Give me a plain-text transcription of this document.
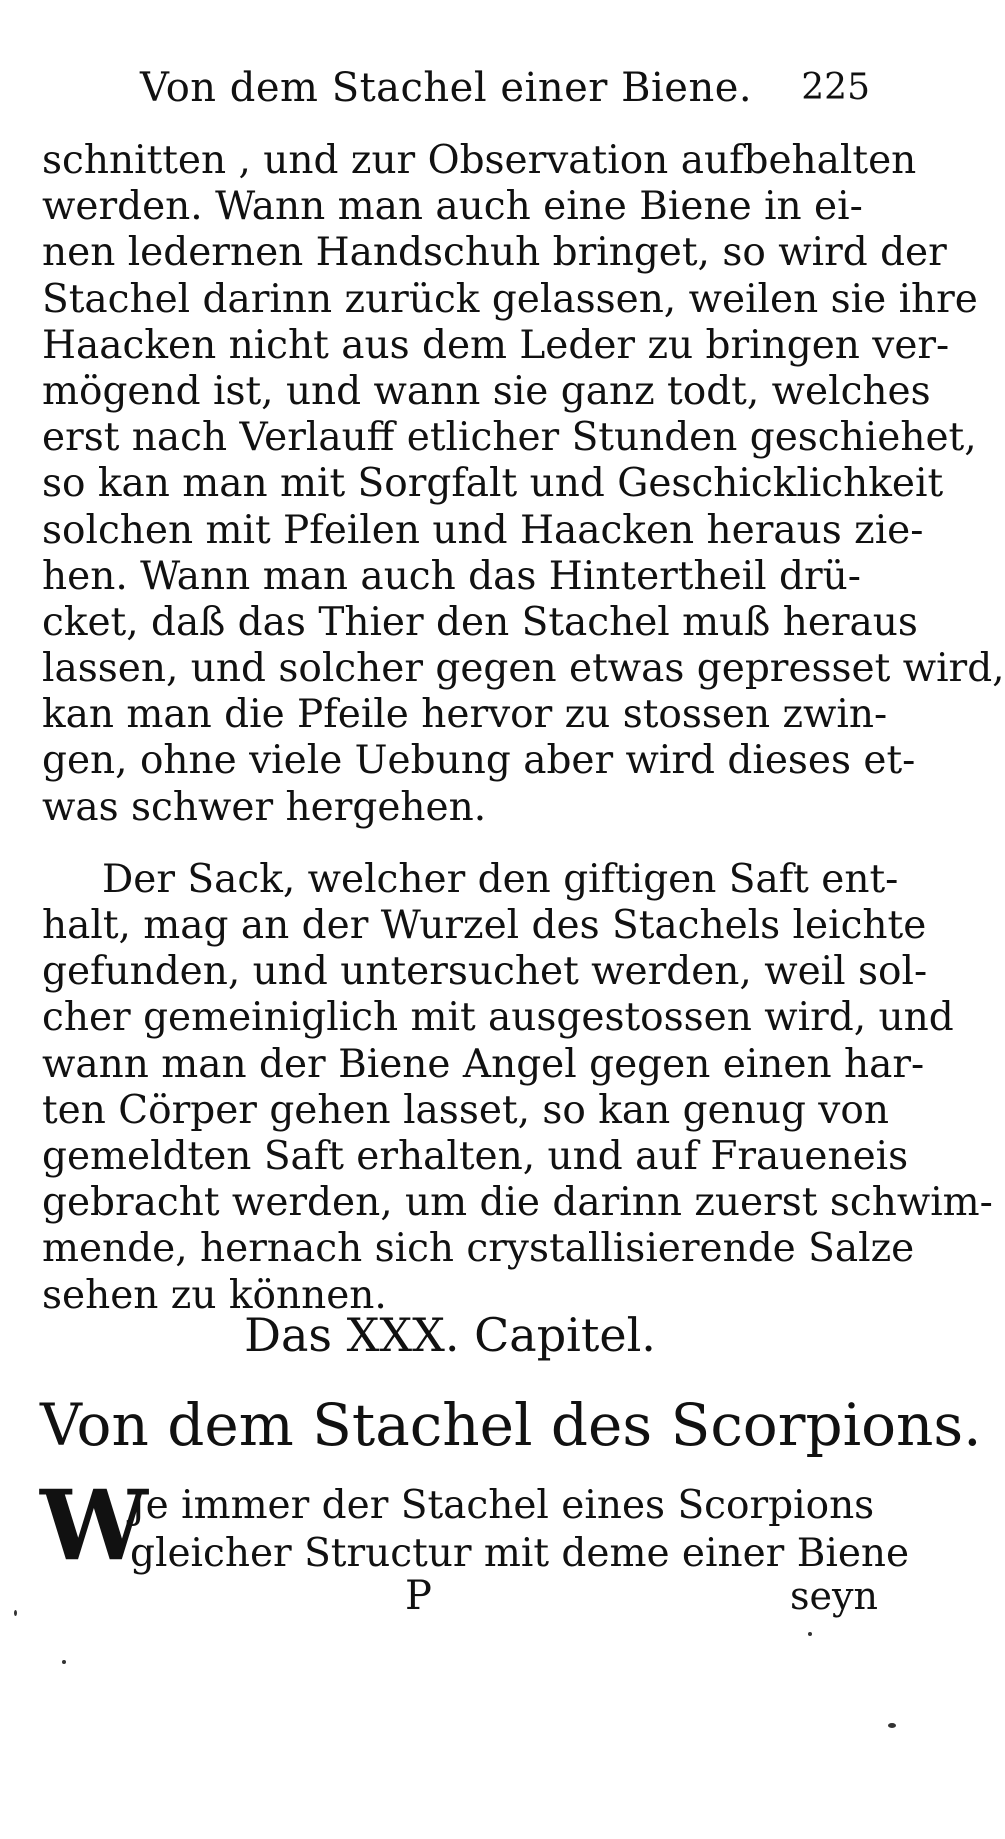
Von dem Stachel einer Biene. 225
schnitten , und zur Observation aufbehalten
werden. Wann man auch eine Biene in ei-
nen ledernen Handschuh bringet, so wird der
Stachel darinn zurück gelassen, weilen sie ihre
Haacken nicht aus dem Leder zu bringen ver-
mögend ist, und wann sie ganz todt, welches
erst nach Verlauff etlicher Stunden geschiehet,
so kan man mit Sorgfalt und Geschicklichkeit
solchen mit Pfeilen und Haacken heraus zie-
hen. Wann man auch das Hintertheil drü-
cket, daß das Thier den Stachel muß heraus
lassen, und solcher gegen etwas gepresset wird,
kan man die Pfeile hervor zu stossen zwin-
gen, ohne viele Uebung aber wird dieses et-
was schwer hergehen.
Der Sack, welcher den giftigen Saft ent-
halt, mag an der Wurzel des Stachels leichte
gefunden, und untersuchet werden, weil sol-
cher gemeiniglich mit ausgestossen wird, und
wann man der Biene Angel gegen einen har-
ten Cörper gehen lasset, so kan genug von
gemeldten Saft erhalten, und auf Fraueneis
gebracht werden, um die darinn zuerst schwim-
mende, hernach sich crystallisierende Salze
sehen zu können.
Das XXX. Capitel.
Von dem Stachel des Scorpions.
W
Je immer der Stachel eines Scorpions
gleicher Structur mit deme einer Biene
P	seyn
